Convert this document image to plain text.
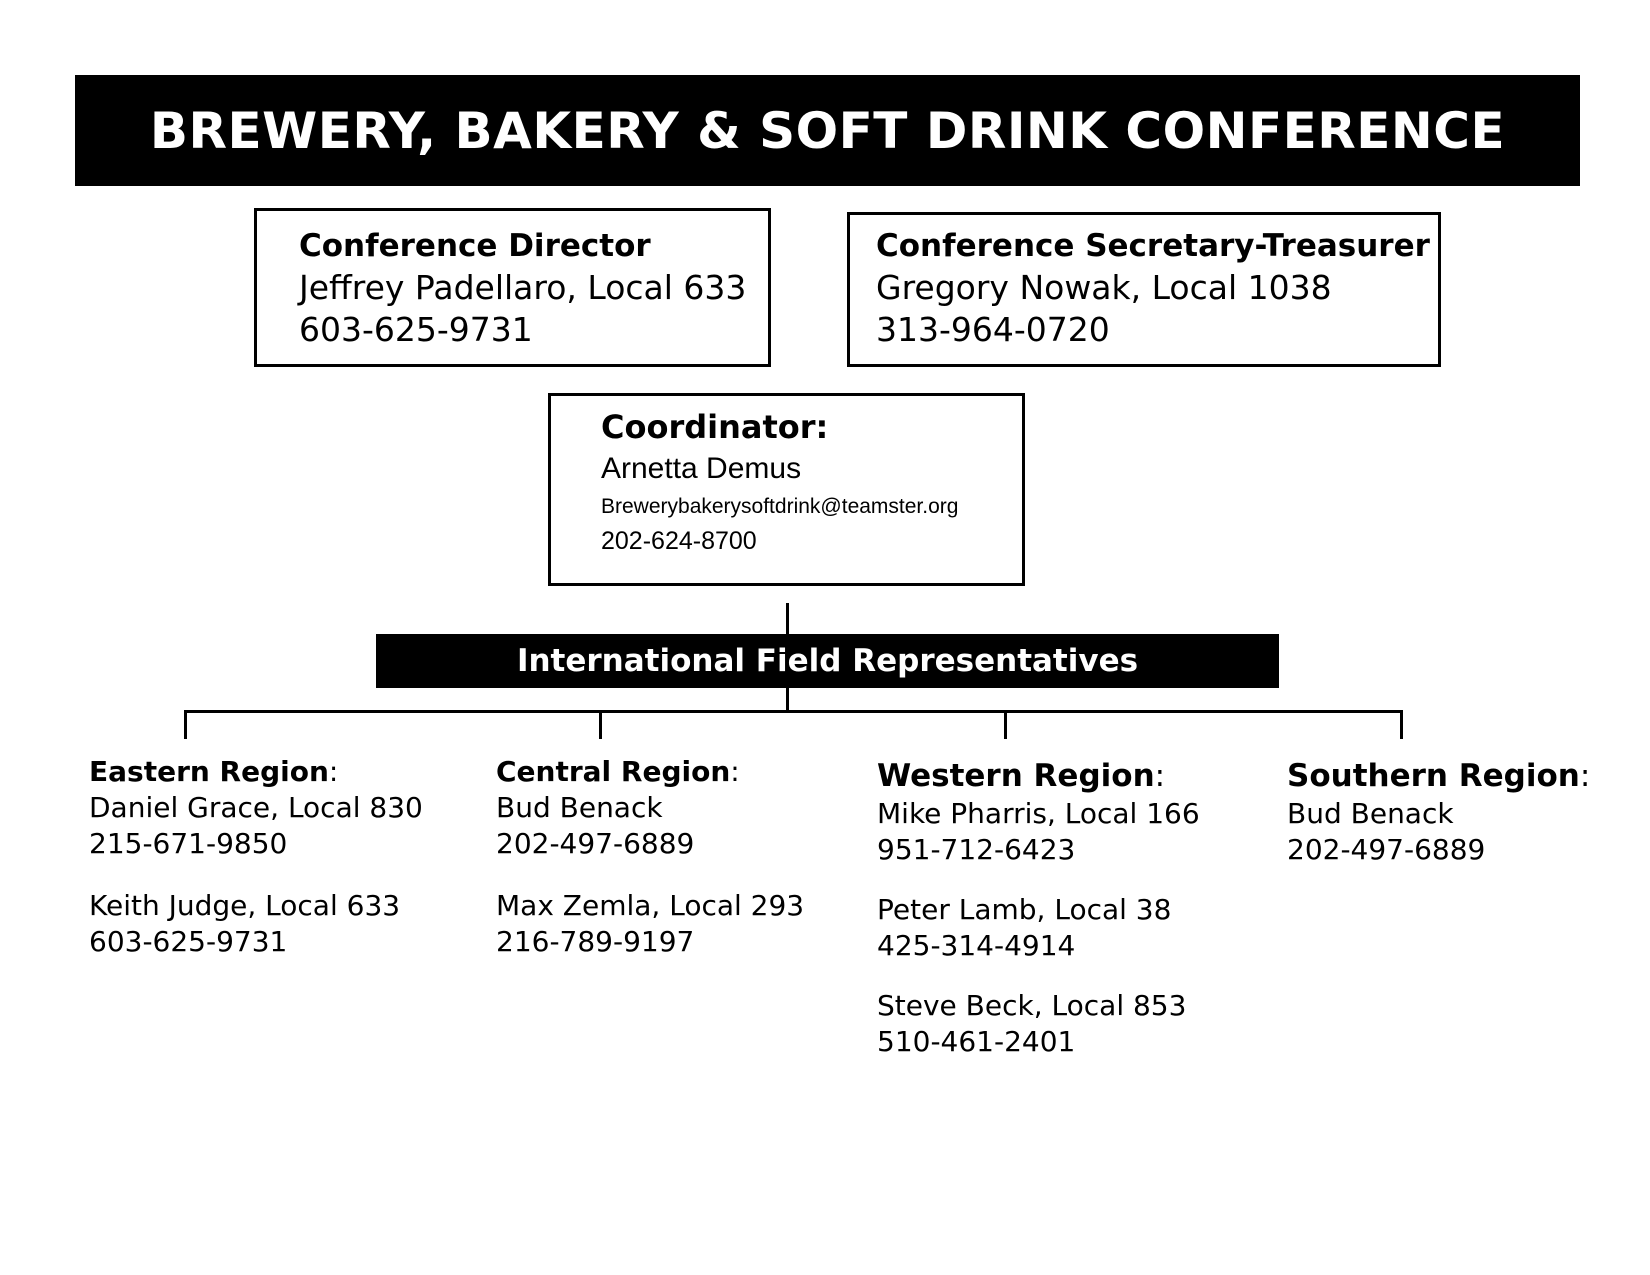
BREWERY, BAKERY & SOFT DRINK CONFERENCE
Conference Director
Jeffrey Padellaro, Local 633
603-625-9731
Conference Secretary-Treasurer
Gregory Nowak, Local 1038
313-964-0720
Coordinator:
Arnetta Demus
Brewerybakerysoftdrink@teamster.org
202-624-8700
International Field Representatives
Eastern Region:
Daniel Grace, Local 830
215-671-9850
Keith Judge, Local 633
603-625-9731
Central Region:
Bud Benack
202-497-6889
Max Zemla, Local 293
216-789-9197
Western Region:
Mike Pharris, Local 166
951-712-6423
Peter Lamb, Local 38
425-314-4914
Steve Beck, Local 853
510-461-2401
Southern Region:
Bud Benack
202-497-6889
